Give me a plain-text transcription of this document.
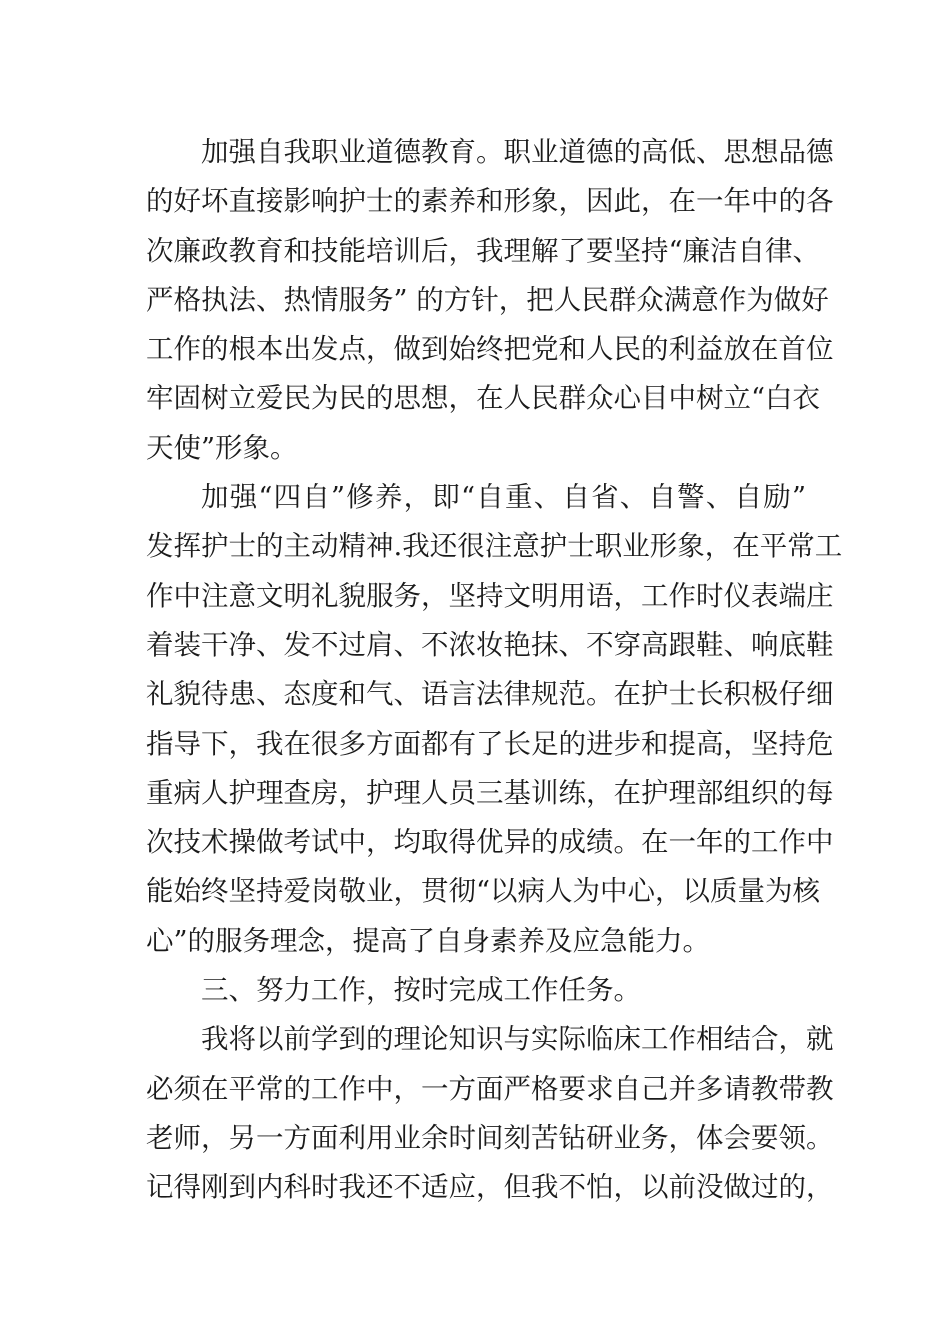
加强自我职业道德教育。职业道德的高低、思想品德
的好坏直接影响护士的素养和形象，因此，在一年中的各
次廉政教育和技能培训后，我理解了要坚持“廉洁自律、
严格执法、热情服务” 的方针，把人民群众满意作为做好
工作的根本出发点，做到始终把党和人民的利益放在首位
牢固树立爱民为民的思想，在人民群众心目中树立“白衣
天使”形象。
加强“四自”修养，即“自重、自省、自警、自励”
发挥护士的主动精神.我还很注意护士职业形象，在平常工
作中注意文明礼貌服务，坚持文明用语，工作时仪表端庄
着装干净、发不过肩、不浓妆艳抹、不穿高跟鞋、响底鞋
礼貌待患、态度和气、语言法律规范。在护士长积极仔细
指导下，我在很多方面都有了长足的进步和提高，坚持危
重病人护理查房，护理人员三基训练，在护理部组织的每
次技术操做考试中，均取得优异的成绩。在一年的工作中
能始终坚持爱岗敬业，贯彻“以病人为中心，以质量为核
心”的服务理念，提高了自身素养及应急能力。
三、努力工作，按时完成工作任务。
我将以前学到的理论知识与实际临床工作相结合，就
必须在平常的工作中，一方面严格要求自己并多请教带教
老师，另一方面利用业余时间刻苦钻研业务，体会要领。
记得刚到内科时我还不适应，但我不怕，以前没做过的，
